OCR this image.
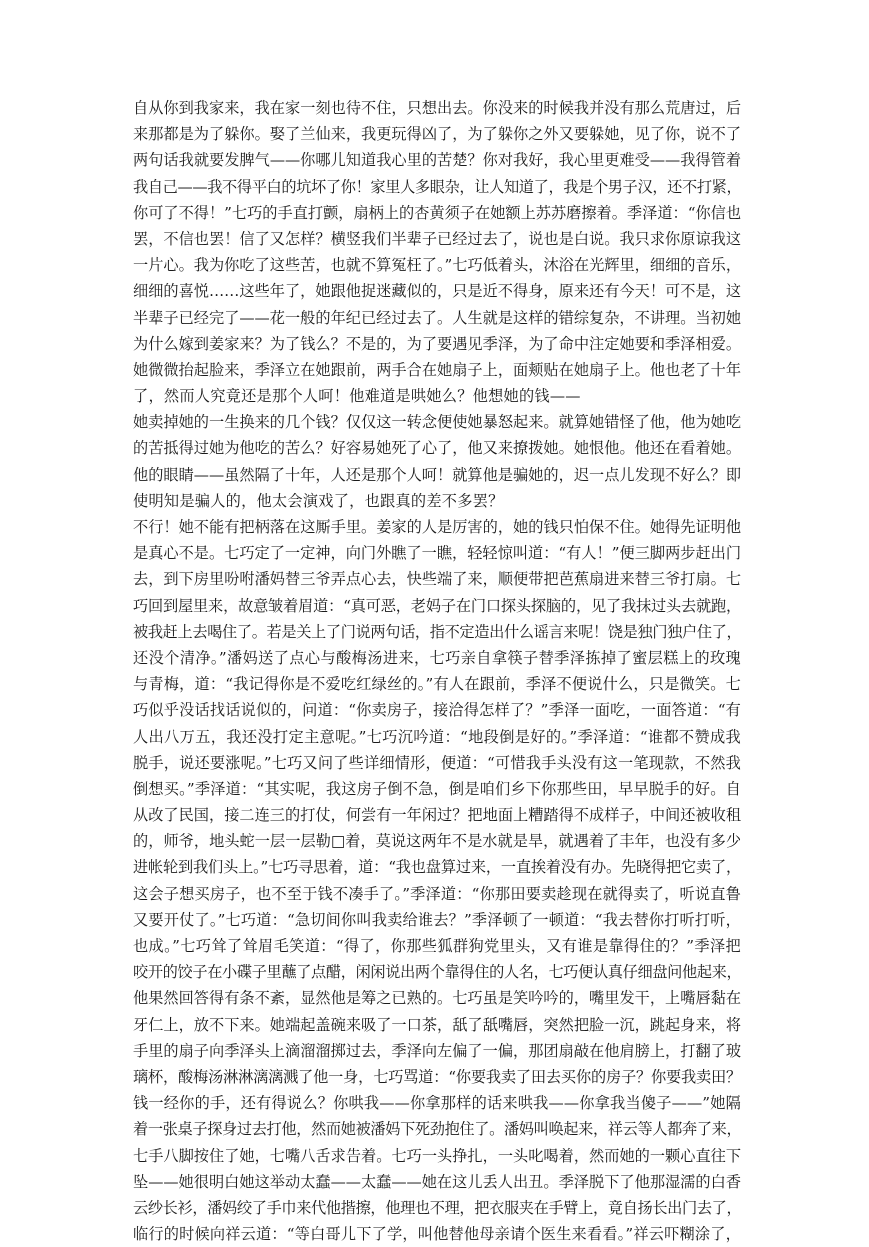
自从你到我家来，我在家一刻也待不住，只想出去。你没来的时候我并没有那么荒唐过，后
来那都是为了躲你。娶了兰仙来，我更玩得凶了，为了躲你之外又要躲她，见了你，说不了
两句话我就要发脾气——你哪儿知道我心里的苦楚？你对我好，我心里更难受——我得管着
我自己——我不得平白的坑坏了你！家里人多眼杂，让人知道了，我是个男子汉，还不打紧，
你可了不得！”七巧的手直打颤，扇柄上的杏黄须子在她额上苏苏磨擦着。季泽道：“你信也
罢，不信也罢！信了又怎样？横竖我们半辈子已经过去了，说也是白说。我只求你原谅我这
一片心。我为你吃了这些苦，也就不算冤枉了。”七巧低着头，沐浴在光辉里，细细的音乐，
细细的喜悦……这些年了，她跟他捉迷藏似的，只是近不得身，原来还有今天！可不是，这
半辈子已经完了——花一般的年纪已经过去了。人生就是这样的错综复杂，不讲理。当初她
为什么嫁到姜家来？为了钱么？不是的，为了要遇见季泽，为了命中注定她要和季泽相爱。
她微微抬起脸来，季泽立在她跟前，两手合在她扇子上，面颊贴在她扇子上。他也老了十年
了，然而人究竟还是那个人呵！他难道是哄她么？他想她的钱——
她卖掉她的一生换来的几个钱？仅仅这一转念便使她暴怒起来。就算她错怪了他，他为她吃
的苦抵得过她为他吃的苦么？好容易她死了心了，他又来撩拨她。她恨他。他还在看着她。
他的眼睛——虽然隔了十年，人还是那个人呵！就算他是骗她的，迟一点儿发现不好么？即
使明知是骗人的，他太会演戏了，也跟真的差不多罢？
不行！她不能有把柄落在这厮手里。姜家的人是厉害的，她的钱只怕保不住。她得先证明他
是真心不是。七巧定了一定神，向门外瞧了一瞧，轻轻惊叫道：“有人！”便三脚两步赶出门
去，到下房里吩咐潘妈替三爷弄点心去，快些端了来，顺便带把芭蕉扇进来替三爷打扇。七
巧回到屋里来，故意皱着眉道：“真可恶，老妈子在门口探头探脑的，见了我抹过头去就跑，
被我赶上去喝住了。若是关上了门说两句话，指不定造出什么谣言来呢！饶是独门独户住了，
还没个清净。”潘妈送了点心与酸梅汤进来，七巧亲自拿筷子替季泽拣掉了蜜层糕上的玫瑰
与青梅，道：“我记得你是不爱吃红绿丝的。”有人在跟前，季泽不便说什么，只是微笑。七
巧似乎没话找话说似的，问道：“你卖房子，接洽得怎样了？”季泽一面吃，一面答道：“有
人出八万五，我还没打定主意呢。”七巧沉吟道：“地段倒是好的。”季泽道：“谁都不赞成我
脱手，说还要涨呢。”七巧又问了些详细情形，便道：“可惜我手头没有这一笔现款，不然我
倒想买。”季泽道：“其实呢，我这房子倒不急，倒是咱们乡下你那些田，早早脱手的好。自
从改了民国，接二连三的打仗，何尝有一年闲过？把地面上糟踏得不成样子，中间还被收租
的，师爷，地头蛇一层一层勒□着，莫说这两年不是水就是旱，就遇着了丰年，也没有多少
进帐轮到我们头上。”七巧寻思着，道：“我也盘算过来，一直挨着没有办。先晓得把它卖了，
这会子想买房子，也不至于钱不凑手了。”季泽道：“你那田要卖趁现在就得卖了，听说直鲁
又要开仗了。”七巧道：“急切间你叫我卖给谁去？”季泽顿了一顿道：“我去替你打听打听，
也成。”七巧耸了耸眉毛笑道：“得了，你那些狐群狗党里头，又有谁是靠得住的？”季泽把
咬开的饺子在小碟子里蘸了点醋，闲闲说出两个靠得住的人名，七巧便认真仔细盘问他起来，
他果然回答得有条不紊，显然他是筹之已熟的。七巧虽是笑吟吟的，嘴里发干，上嘴唇黏在
牙仁上，放不下来。她端起盖碗来吸了一口茶，舐了舐嘴唇，突然把脸一沉，跳起身来，将
手里的扇子向季泽头上滴溜溜掷过去，季泽向左偏了一偏，那团扇敲在他肩膀上，打翻了玻
璃杯，酸梅汤淋淋漓漓溅了他一身，七巧骂道：“你要我卖了田去买你的房子？你要我卖田？
钱一经你的手，还有得说么？你哄我——你拿那样的话来哄我——你拿我当傻子——”她隔
着一张桌子探身过去打他，然而她被潘妈下死劲抱住了。潘妈叫唤起来，祥云等人都奔了来，
七手八脚按住了她，七嘴八舌求告着。七巧一头挣扎，一头叱喝着，然而她的一颗心直往下
坠——她很明白她这举动太蠢——太蠢——她在这儿丢人出丑。季泽脱下了他那湿濡的白香
云纱长衫，潘妈绞了手巾来代他揩擦，他理也不理，把衣服夹在手臂上，竟自扬长出门去了，
临行的时候向祥云道：“等白哥儿下了学，叫他替他母亲请个医生来看看。”祥云吓糊涂了，
